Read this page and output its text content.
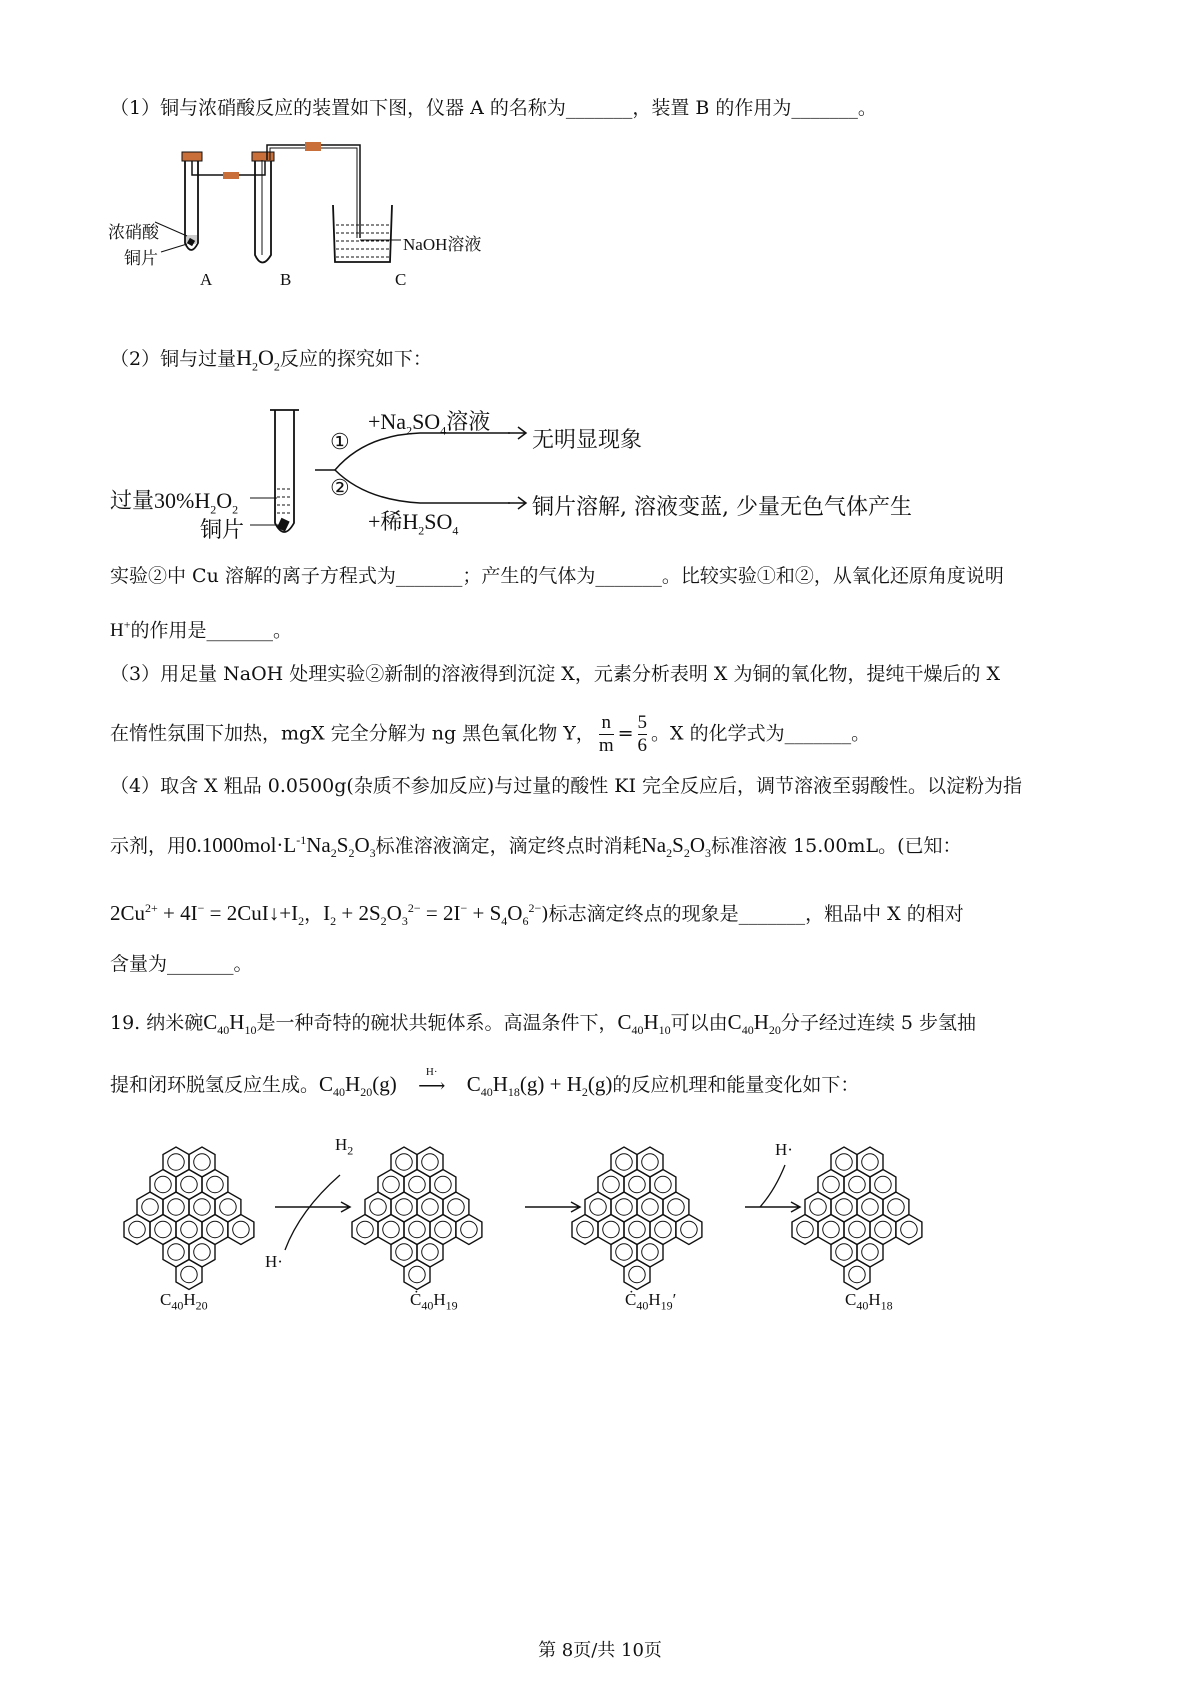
（1）铜与浓硝酸反应的装置如下图，仪器 A 的名称为_______，装置 B 的作用为_______。
浓硝酸
铜片
NaOH溶液
A	B	C
（2）铜与过量$H_2O_2$反应的探究如下：
①
②
$+Na_2SO_4$溶液
无明显现象
+稀$H_2SO_4$
铜片溶解, 溶液变蓝, 少量无色气体产生
过量$30\%H_2O_2$
铜片
实验②中 Cu 溶解的离子方程式为_______；产生的气体为_______。比较实验①和②，从氧化还原角度说明
H+的作用是_______。
（3）用足量 NaOH 处理实验②新制的溶液得到沉淀 X，元素分析表明 X 为铜的氧化物，提纯干燥后的 X
在惰性氛围下加热，mgX 完全分解为 ng 黑色氧化物 Y， $\frac{n}{m} = \frac{5}{6}$ 。X 的化学式为_______。
（4）取含 X 粗品 0.0500g(杂质不参加反应)与过量的酸性 KI 完全反应后，调节溶液至弱酸性。以淀粉为指
示剂，用$0.1000mol\cdot L^{-1}Na_2S_2O_3$标准溶液滴定，滴定终点时消耗$Na_2S_2O_3$标准溶液 15.00mL。(已知：
$2Cu^{2+} + 4I^-$ = $2CuI↓+I_2$，$I_2 + 2S_2O_3^{2-} = 2I^- + S_4O_6^{2-}$)标志滴定终点的现象是_______，粗品中 X 的相对
含量为_______。
19. 纳米碗$C_{40}H_{10}$是一种奇特的碗状共轭体系。高温条件下，$C_{40}H_{10}$可以由$C_{40}H_{20}$分子经过连续 5 步氢抽
提和闭环脱氢反应生成。$C_{40}H_{20}(g)$	H·
⟶ $C_{40}H_{18}(g) + H_2(g)$的反应机理和能量变化如下：
$H_2$
H·
H·
$C_{40}H_{20}$	$Ċ_{40}H_{19}$	$Ċ_{40}H_{19}'$	$C_{40}H_{18}$
第 8页/共 10页
